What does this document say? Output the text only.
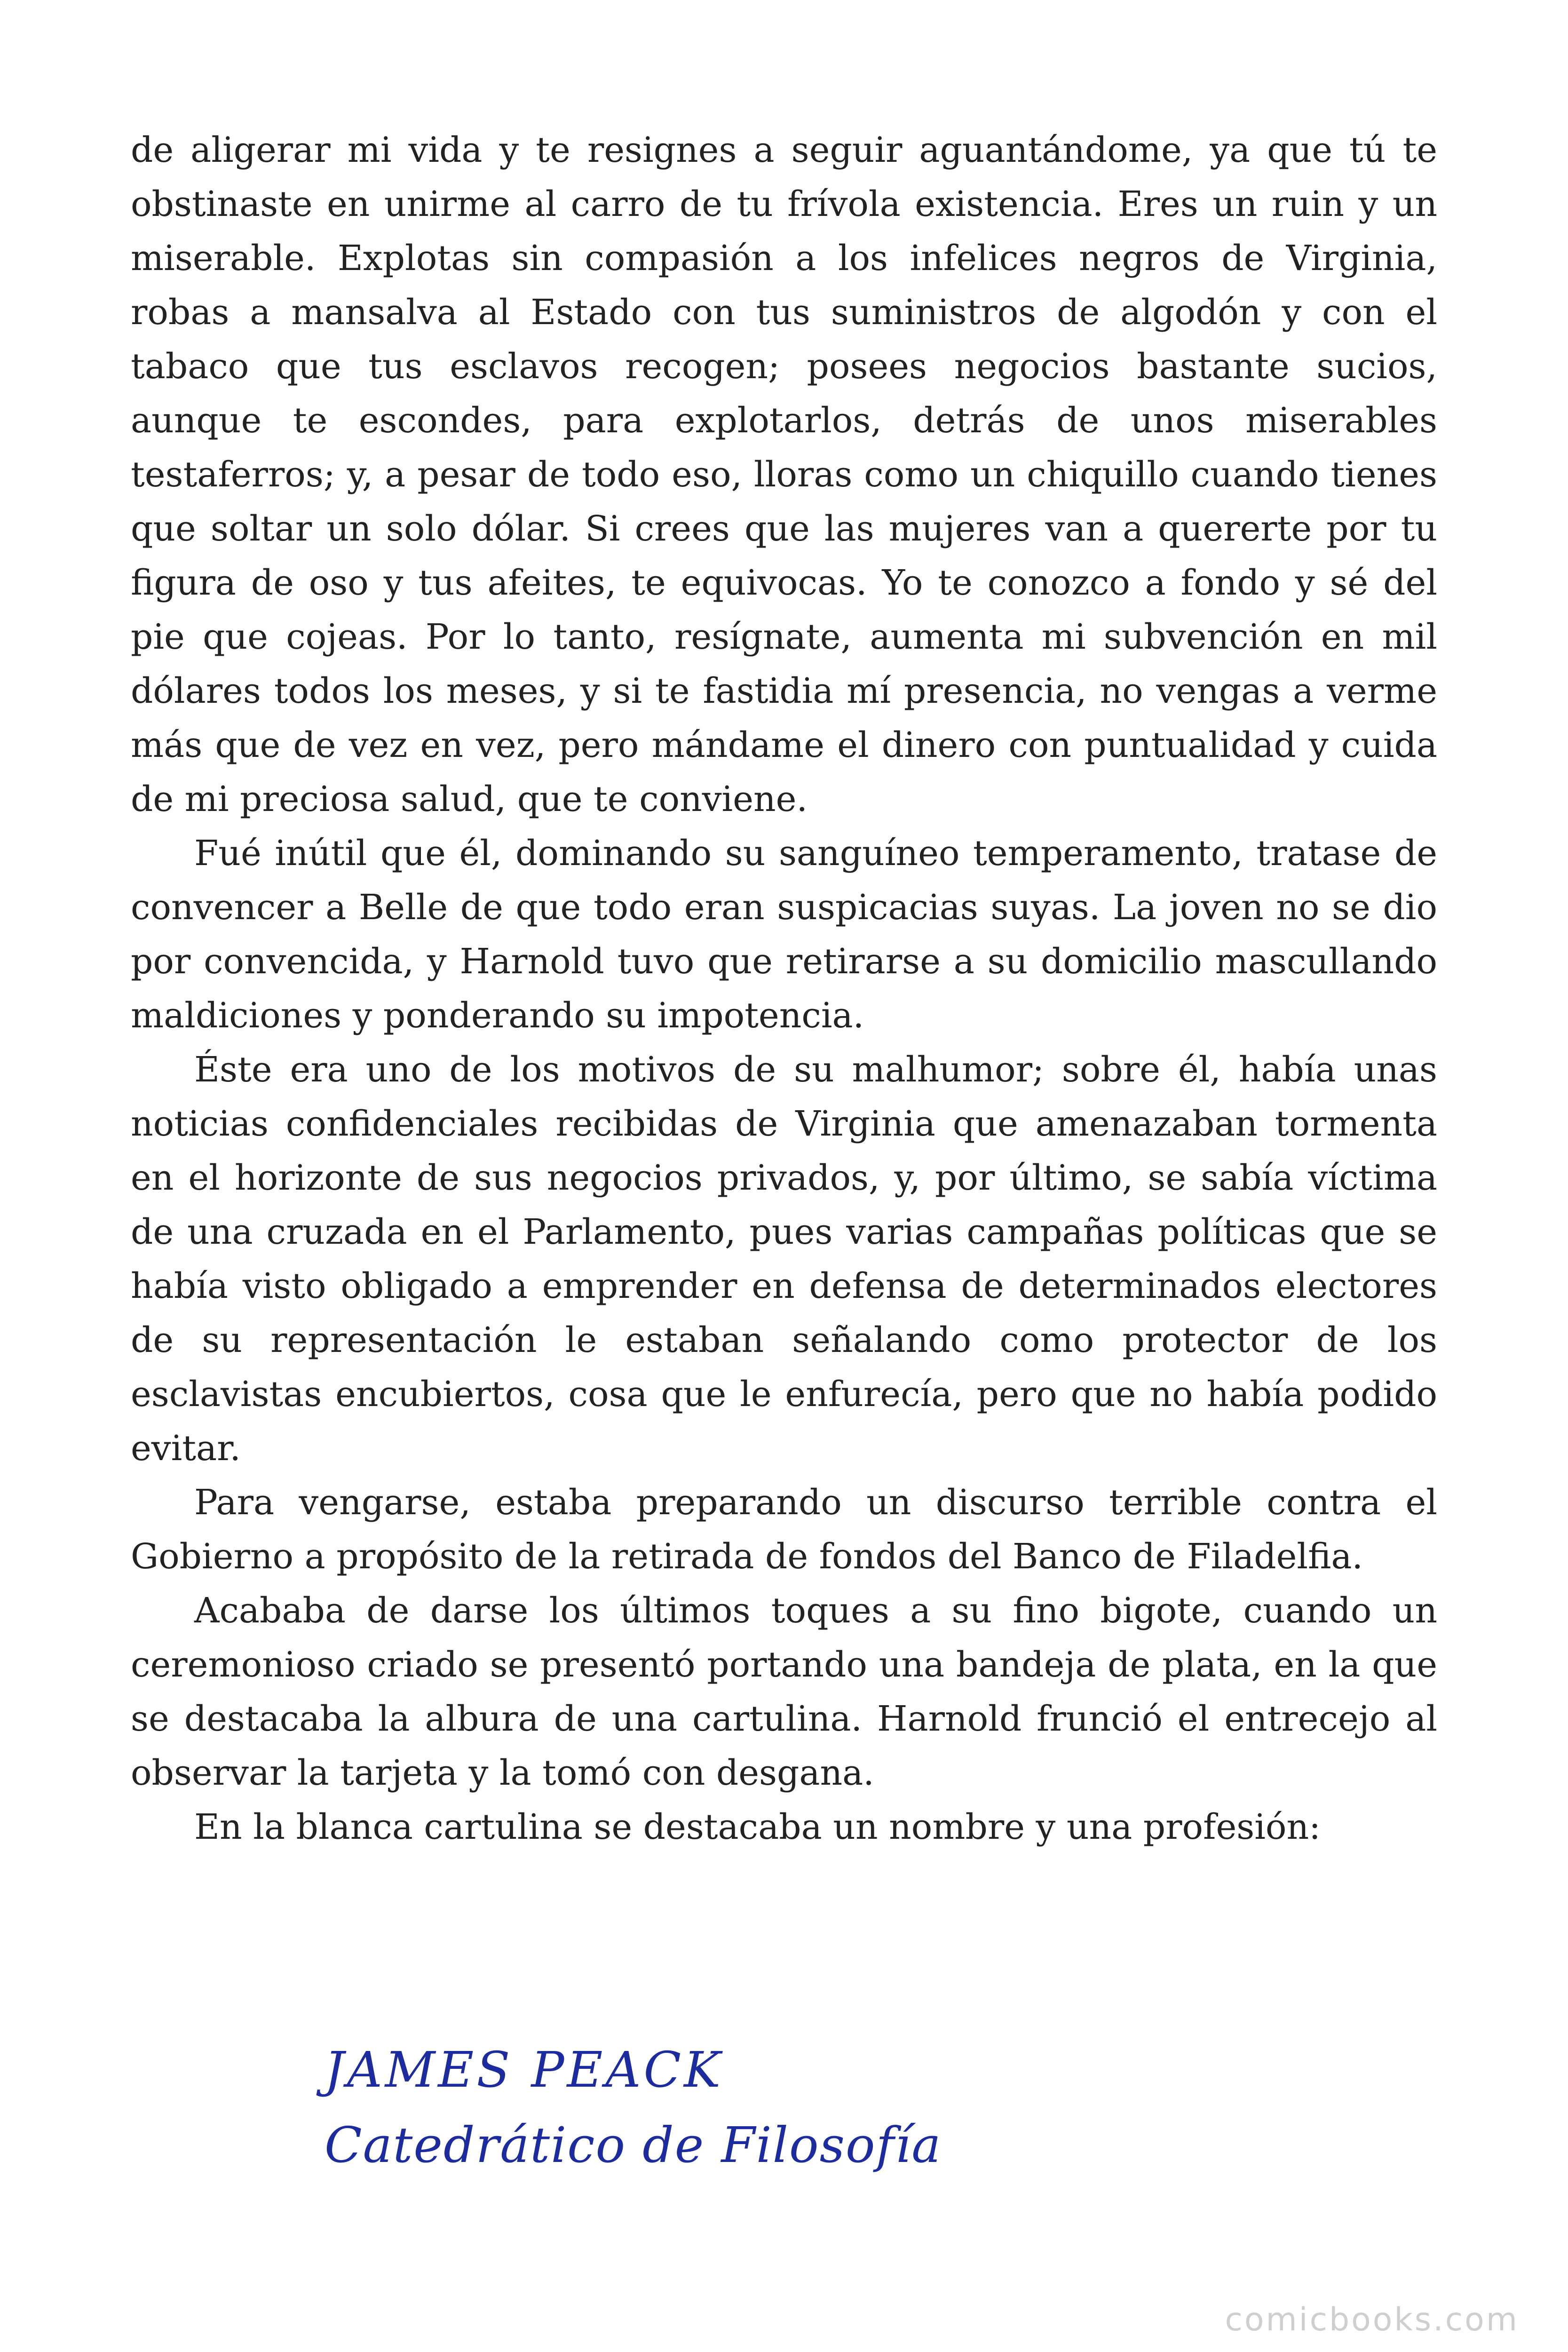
de aligerar mi vida y te resignes a seguir aguantándome, ya que tú te obstinaste en unirme al carro de tu frívola existencia. Eres un ruin y un miserable. Explotas sin compasión a los infelices negros de Virginia, robas a mansalva al Estado con tus suministros de algodón y con el tabaco que tus esclavos recogen; posees negocios bastante sucios, aunque te escondes, para explotarlos, detrás de unos miserables testaferros; y, a pesar de todo eso, lloras como un chiquillo cuando tienes que soltar un solo dólar. Si crees que las mujeres van a quererte por tu figura de oso y tus afeites, te equivocas. Yo te conozco a fondo y sé del pie que cojeas. Por lo tanto, resígnate, aumenta mi subvención en mil dólares todos los meses, y si te fastidia mí presencia, no vengas a verme más que de vez en vez, pero mándame el dinero con puntualidad y cuida de mi preciosa salud, que te conviene.

Fué inútil que él, dominando su sanguíneo temperamento, tratase de convencer a Belle de que todo eran suspicacias suyas. La joven no se dio por convencida, y Harnold tuvo que retirarse a su domicilio mascullando maldiciones y ponderando su impotencia.

Éste era uno de los motivos de su malhumor; sobre él, había unas noticias confidenciales recibidas de Virginia que amenazaban tormenta en el horizonte de sus negocios privados, y, por último, se sabía víctima de una cruzada en el Parlamento, pues varias campañas políticas que se había visto obligado a emprender en defensa de determinados electores de su representación le estaban señalando como protector de los esclavistas encubiertos, cosa que le enfurecía, pero que no había podido evitar.

Para vengarse, estaba preparando un discurso terrible contra el Gobierno a propósito de la retirada de fondos del Banco de Filadelfia.

Acababa de darse los últimos toques a su fino bigote, cuando un ceremonioso criado se presentó portando una bandeja de plata, en la que se destacaba la albura de una cartulina. Harnold frunció el entrecejo al observar la tarjeta y la tomó con desgana.

En la blanca cartulina se destacaba un nombre y una profesión:

JAMES PEACK
Catedrático de Filosofía
comicbooks.com
